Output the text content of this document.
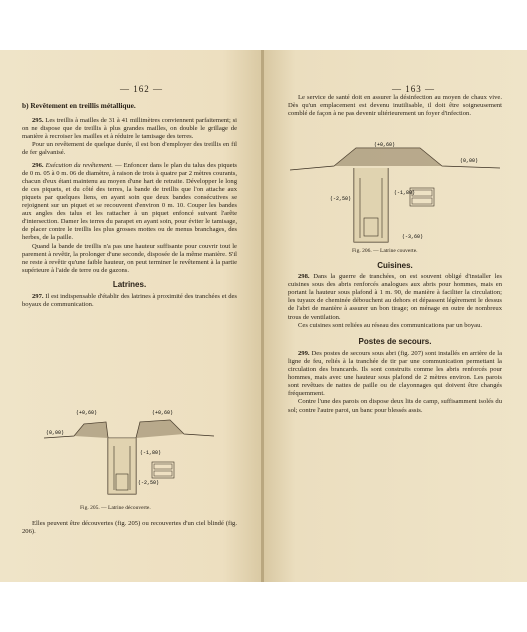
— 162 —

b) Revêtement en treillis métallique.

295. Les treillis à mailles de 31 à 41 millimètres conviennent parfaitement; si on ne dispose que de treillis à plus grandes mailles, on double le grillage de manière à recroiser les mailles et à réduire le tamisage des terres.

Pour un revêtement de quelque durée, il est bon d'employer des treillis en fil de fer galvanisé.

296. Exécution du revêtement. — Enfoncer dans le plan du talus des piquets de 0 m. 05 à 0 m. 06 de diamètre, à raison de trois à quatre par 2 mètres courants, chacun d'eux étant maintenu au moyen d'une hart de retraite. Développer le long de ces piquets, et du côté des terres, la bande de treillis que l'on attache aux piquets par quelques liens, en ayant soin que deux bandes consécutives se rejoignent sur un piquet et se recouvrent d'environ 0 m. 10. Couper les bandes aux angles des talus et les rattacher à un piquet enfoncé suivant l'arête d'intersection. Damer les terres du parapet en ayant soin, pour éviter le tamisage, de placer contre le treillis les plus grosses mottes ou de menus branchages, des herbes, de la paille.

Quand la bande de treillis n'a pas une hauteur suffisante pour couvrir tout le parement à revêtir, la prolonger d'une seconde, disposée de la même manière. S'il ne reste à revêtir qu'une faible hauteur, on peut terminer le revêtement à la partie supérieure à l'aide de terre ou de gazons.

Latrines.

297. Il est indispensable d'établir des latrines à proximité des tranchées et des boyaux de communication.

(+0,60)	(+0,60)
(0,00)
(-1,80)
(-2,50)
Fig. 205. — Latrine découverte.

Elles peuvent être découvertes (fig. 205) ou recouvertes d'un ciel blindé (fig. 206).

— 163 —

Le service de santé doit en assurer la désinfection au moyen de chaux vive. Dès qu'un emplacement est devenu inutilisable, il doit être soigneusement comblé de façon à ne pas devenir ultérieurement un foyer d'infection.

(+0,60)
(0,00)
(-1,80)
(-2,50)
(-3,60)
Fig. 206. — Latrine couverte.
Cuisines.

298. Dans la guerre de tranchées, on est souvent obligé d'installer les cuisines sous des abris renforcés analogues aux abris pour hommes, mais en portant la hauteur sous plafond à 1 m. 90, de manière à faciliter la circulation; les tuyaux de cheminée débouchent au dehors et dépassent légèrement le dessus de l'abri de manière à assurer un bon tirage; on ménage en outre de nombreux trous de ventilation.

Ces cuisines sont reliées au réseau des communications par un boyau.

Postes de secours.

299. Des postes de secours sous abri (fig. 207) sont installés en arrière de la ligne de feu, reliés à la tranchée de tir par une communication permettant la circulation des brancards. Ils sont construits comme les abris renforcés pour hommes, mais avec une hauteur sous plafond de 2 mètres environ. Les parois sont revêtues de nattes de paille ou de clayonnages qui doivent être changés fréquemment.

Contre l'une des parois on dispose deux lits de camp, suffisamment isolés du sol; contre l'autre paroi, un banc pour blessés assis.
